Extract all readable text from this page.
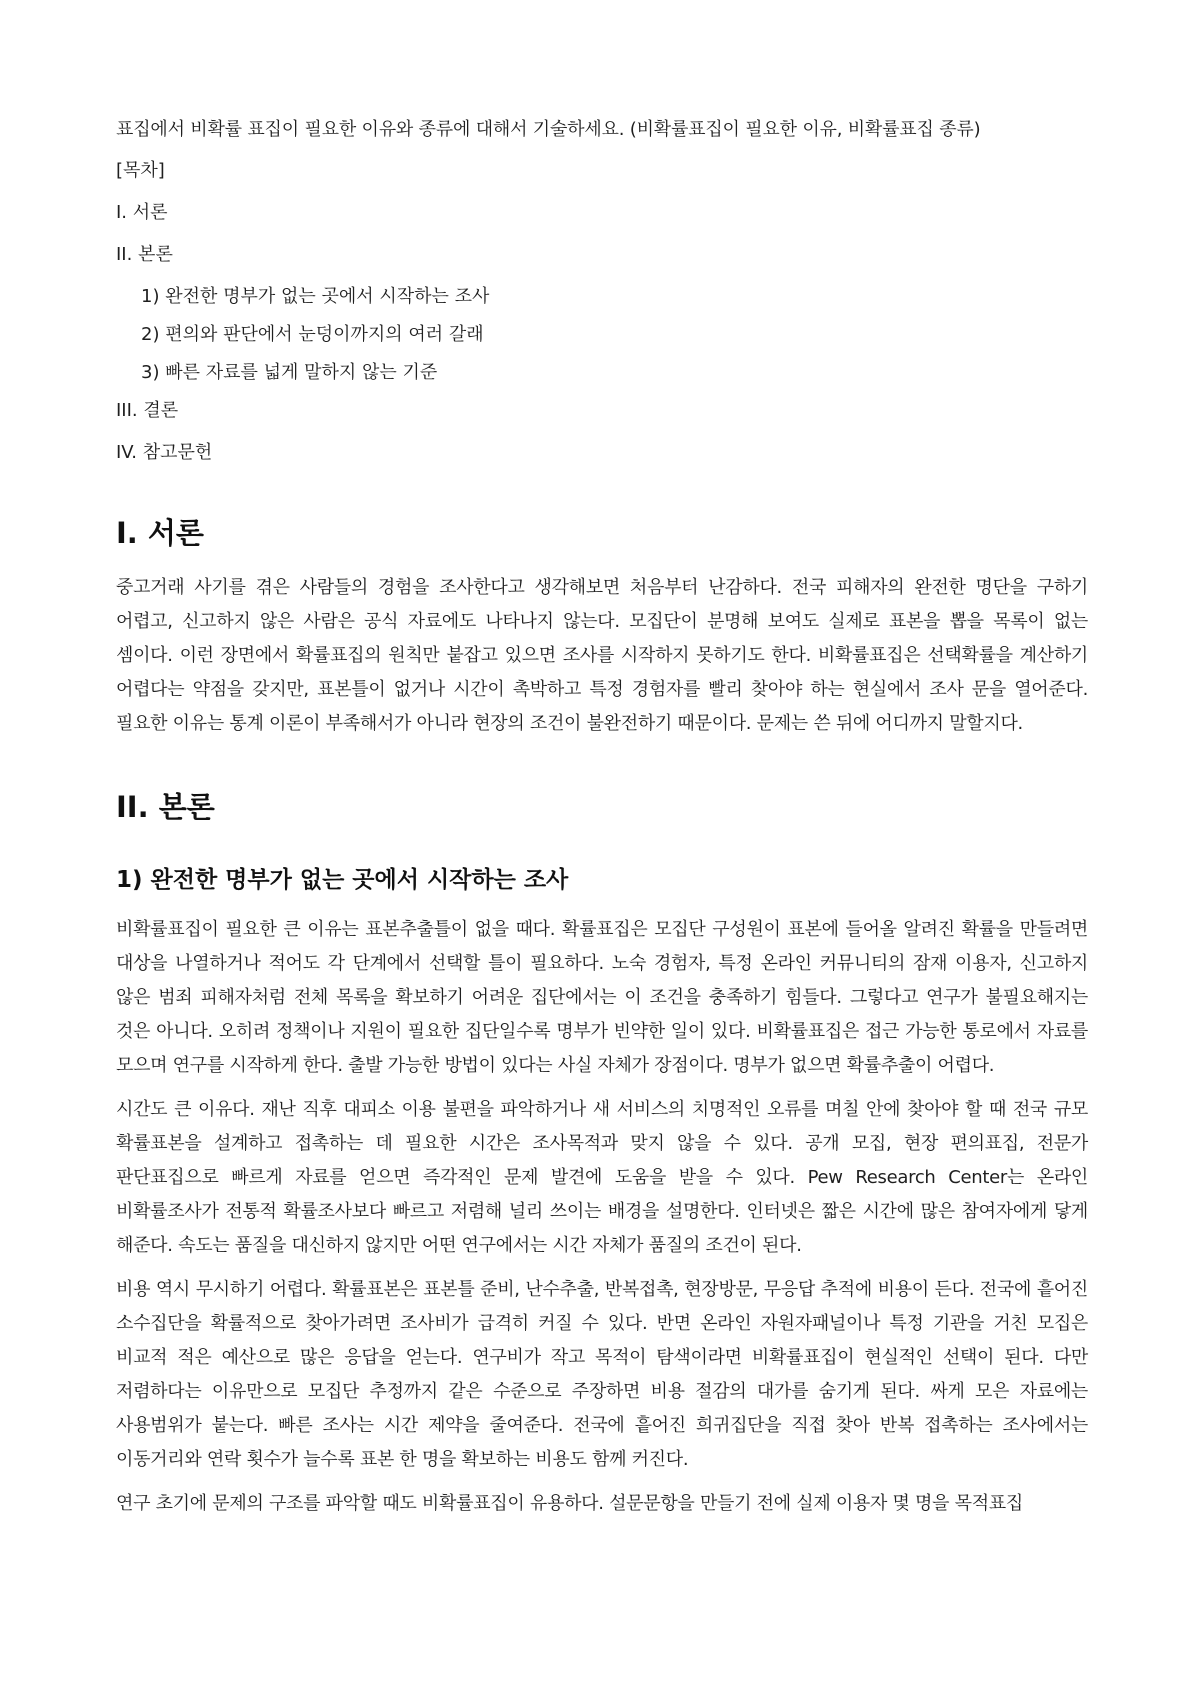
표집에서 비확률 표집이 필요한 이유와 종류에 대해서 기술하세요. (비확률표집이 필요한 이유, 비확률표집 종류)

[목차]

I. 서론

II. 본론

1) 완전한 명부가 없는 곳에서 시작하는 조사

2) 편의와 판단에서 눈덩이까지의 여러 갈래

3) 빠른 자료를 넓게 말하지 않는 기준

III. 결론

IV. 참고문헌

I. 서론

중고거래 사기를 겪은 사람들의 경험을 조사한다고 생각해보면 처음부터 난감하다. 전국 피해자의 완전한 명단을 구하기 어렵고, 신고하지 않은 사람은 공식 자료에도 나타나지 않는다. 모집단이 분명해 보여도 실제로 표본을 뽑을 목록이 없는 셈이다. 이런 장면에서 확률표집의 원칙만 붙잡고 있으면 조사를 시작하지 못하기도 한다. 비확률표집은 선택확률을 계산하기 어렵다는 약점을 갖지만, 표본틀이 없거나 시간이 촉박하고 특정 경험자를 빨리 찾아야 하는 현실에서 조사 문을 열어준다. 필요한 이유는 통계 이론이 부족해서가 아니라 현장의 조건이 불완전하기 때문이다. 문제는 쓴 뒤에 어디까지 말할지다.

II. 본론
1) 완전한 명부가 없는 곳에서 시작하는 조사

비확률표집이 필요한 큰 이유는 표본추출틀이 없을 때다. 확률표집은 모집단 구성원이 표본에 들어올 알려진 확률을 만들려면 대상을 나열하거나 적어도 각 단계에서 선택할 틀이 필요하다. 노숙 경험자, 특정 온라인 커뮤니티의 잠재 이용자, 신고하지 않은 범죄 피해자처럼 전체 목록을 확보하기 어려운 집단에서는 이 조건을 충족하기 힘들다. 그렇다고 연구가 불필요해지는 것은 아니다. 오히려 정책이나 지원이 필요한 집단일수록 명부가 빈약한 일이 있다. 비확률표집은 접근 가능한 통로에서 자료를 모으며 연구를 시작하게 한다. 출발 가능한 방법이 있다는 사실 자체가 장점이다. 명부가 없으면 확률추출이 어렵다.

시간도 큰 이유다. 재난 직후 대피소 이용 불편을 파악하거나 새 서비스의 치명적인 오류를 며칠 안에 찾아야 할 때 전국 규모 확률표본을 설계하고 접촉하는 데 필요한 시간은 조사목적과 맞지 않을 수 있다. 공개 모집, 현장 편의표집, 전문가 판단표집으로 빠르게 자료를 얻으면 즉각적인 문제 발견에 도움을 받을 수 있다. Pew Research Center는 온라인 비확률조사가 전통적 확률조사보다 빠르고 저렴해 널리 쓰이는 배경을 설명한다. 인터넷은 짧은 시간에 많은 참여자에게 닿게 해준다. 속도는 품질을 대신하지 않지만 어떤 연구에서는 시간 자체가 품질의 조건이 된다.

비용 역시 무시하기 어렵다. 확률표본은 표본틀 준비, 난수추출, 반복접촉, 현장방문, 무응답 추적에 비용이 든다. 전국에 흩어진 소수집단을 확률적으로 찾아가려면 조사비가 급격히 커질 수 있다. 반면 온라인 자원자패널이나 특정 기관을 거친 모집은 비교적 적은 예산으로 많은 응답을 얻는다. 연구비가 작고 목적이 탐색이라면 비확률표집이 현실적인 선택이 된다. 다만 저렴하다는 이유만으로 모집단 추정까지 같은 수준으로 주장하면 비용 절감의 대가를 숨기게 된다. 싸게 모은 자료에는 사용범위가 붙는다. 빠른 조사는 시간 제약을 줄여준다. 전국에 흩어진 희귀집단을 직접 찾아 반복 접촉하는 조사에서는 이동거리와 연락 횟수가 늘수록 표본 한 명을 확보하는 비용도 함께 커진다.

연구 초기에 문제의 구조를 파악할 때도 비확률표집이 유용하다. 설문문항을 만들기 전에 실제 이용자 몇 명을 목적표집
